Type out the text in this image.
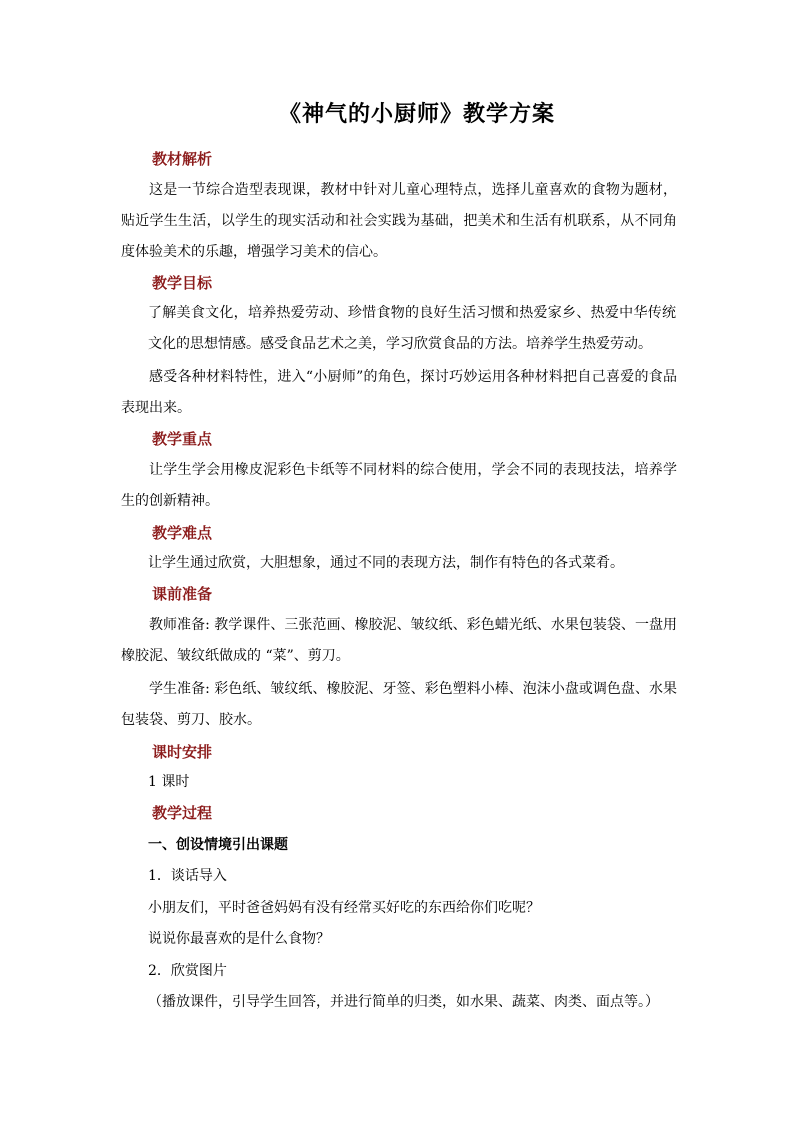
《神气的小厨师》教学方案
教材解析

这是一节综合造型表现课，教材中针对儿童心理特点，选择儿童喜欢的食物为题材，贴近学生生活，以学生的现实活动和社会实践为基础，把美术和生活有机联系，从不同角度体验美术的乐趣，增强学习美术的信心。

教学目标

了解美食文化，培养热爱劳动、珍惜食物的良好生活习惯和热爱家乡、热爱中华传统文化的思想情感。感受食品艺术之美，学习欣赏食品的方法。培养学生热爱劳动。

感受各种材料特性，进入“小厨师”的角色，探讨巧妙运用各种材料把自己喜爱的食品表现出来。

教学重点

让学生学会用橡皮泥彩色卡纸等不同材料的综合使用，学会不同的表现技法，培养学生的创新精神。

教学难点
让学生通过欣赏，大胆想象，通过不同的表现方法，制作有特色的各式菜肴。
课前准备

教师准备: 教学课件、三张范画、橡胶泥、皱纹纸、彩色蜡光纸、水果包装袋、一盘用橡胶泥、皱纹纸做成的 “菜”、剪刀。

学生准备: 彩色纸、皱纹纸、橡胶泥、牙签、彩色塑料小棒、泡沫小盘或调色盘、水果包装袋、剪刀、胶水。

课时安排
1 课时
教学过程
一、创设情境引出课题
1．谈话导入
小朋友们，平时爸爸妈妈有没有经常买好吃的东西给你们吃呢？
说说你最喜欢的是什么食物？
2．欣赏图片
（播放课件，引导学生回答，并进行简单的归类，如水果、蔬菜、肉类、面点等。）
